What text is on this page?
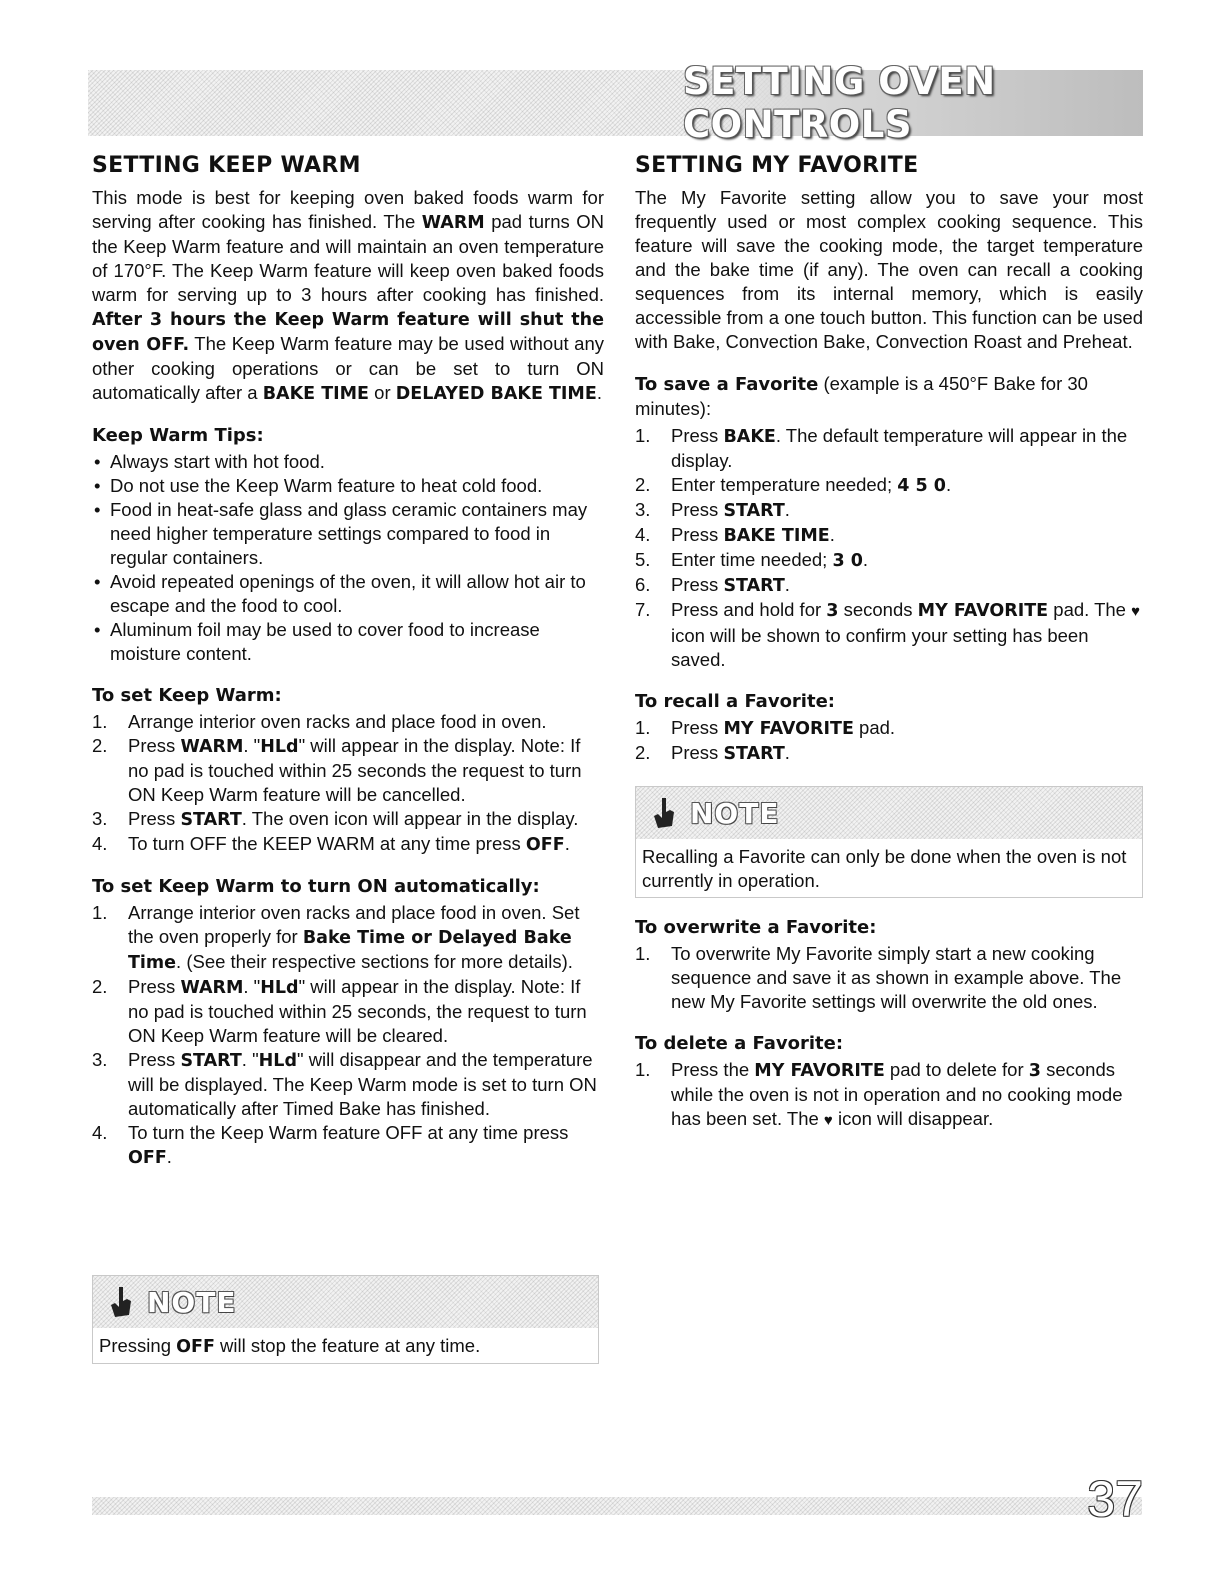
SETTING OVEN CONTROLS
SETTING KEEP WARM

This mode is best for keeping oven baked foods warm for serving after cooking has finished. The WARM pad turns ON the Keep Warm feature and will maintain an oven temperature of 170°F. The Keep Warm feature will keep oven baked foods warm for serving up to 3 hours after cooking has finished. After 3 hours the Keep Warm feature will shut the oven OFF. The Keep Warm feature may be used without any other cooking operations or can be set to turn ON automatically after a BAKE TIME or DELAYED BAKE TIME.

Keep Warm Tips:
• Always start with hot food.
• Do not use the Keep Warm feature to heat cold food.
• Food in heat-safe glass and glass ceramic containers may need higher temperature settings compared to food in regular containers.
• Avoid repeated openings of the oven, it will allow hot air to escape and the food to cool.
• Aluminum foil may be used to cover food to increase moisture content.
To set Keep Warm:
1. Arrange interior oven racks and place food in oven.
2. Press WARM. "HLd" will appear in the display. Note: If no pad is touched within 25 seconds the request to turn ON Keep Warm feature will be cancelled.
3. Press START. The oven icon will appear in the display.
4. To turn OFF the KEEP WARM at any time press OFF.
To set Keep Warm to turn ON automatically:
1. Arrange interior oven racks and place food in oven. Set the oven properly for Bake Time or Delayed Bake Time. (See their respective sections for more details).
2. Press WARM. "HLd" will appear in the display. Note: If no pad is touched within 25 seconds, the request to turn ON Keep Warm feature will be cleared.
3. Press START. "HLd" will disappear and the temperature will be displayed. The Keep Warm mode is set to turn ON automatically after Timed Bake has finished.
4. To turn the Keep Warm feature OFF at any time press OFF.
NOTE
Pressing OFF will stop the feature at any time.
SETTING MY FAVORITE

The My Favorite setting allow you to save your most frequently used or most complex cooking sequence. This feature will save the cooking mode, the target temperature and the bake time (if any). The oven can recall a cooking sequences from its internal memory, which is easily accessible from a one touch button. This function can be used with Bake, Convection Bake, Convection Roast and Preheat.

To save a Favorite (example is a 450°F Bake for 30 minutes):
1. Press BAKE. The default temperature will appear in the display.
2. Enter temperature needed; 4 5 0.
3. Press START.
4. Press BAKE TIME.
5. Enter time needed; 3 0.
6. Press START.
7. Press and hold for 3 seconds MY FAVORITE pad. The ♥ icon will be shown to confirm your setting has been saved.
To recall a Favorite:
1. Press MY FAVORITE pad.
2. Press START.
NOTE
Recalling a Favorite can only be done when the oven is not currently in operation.
To overwrite a Favorite:
1. To overwrite My Favorite simply start a new cooking sequence and save it as shown in example above. The new My Favorite settings will overwrite the old ones.
To delete a Favorite:
1. Press the MY FAVORITE pad to delete for 3 seconds while the oven is not in operation and no cooking mode has been set. The ♥ icon will disappear.
37
